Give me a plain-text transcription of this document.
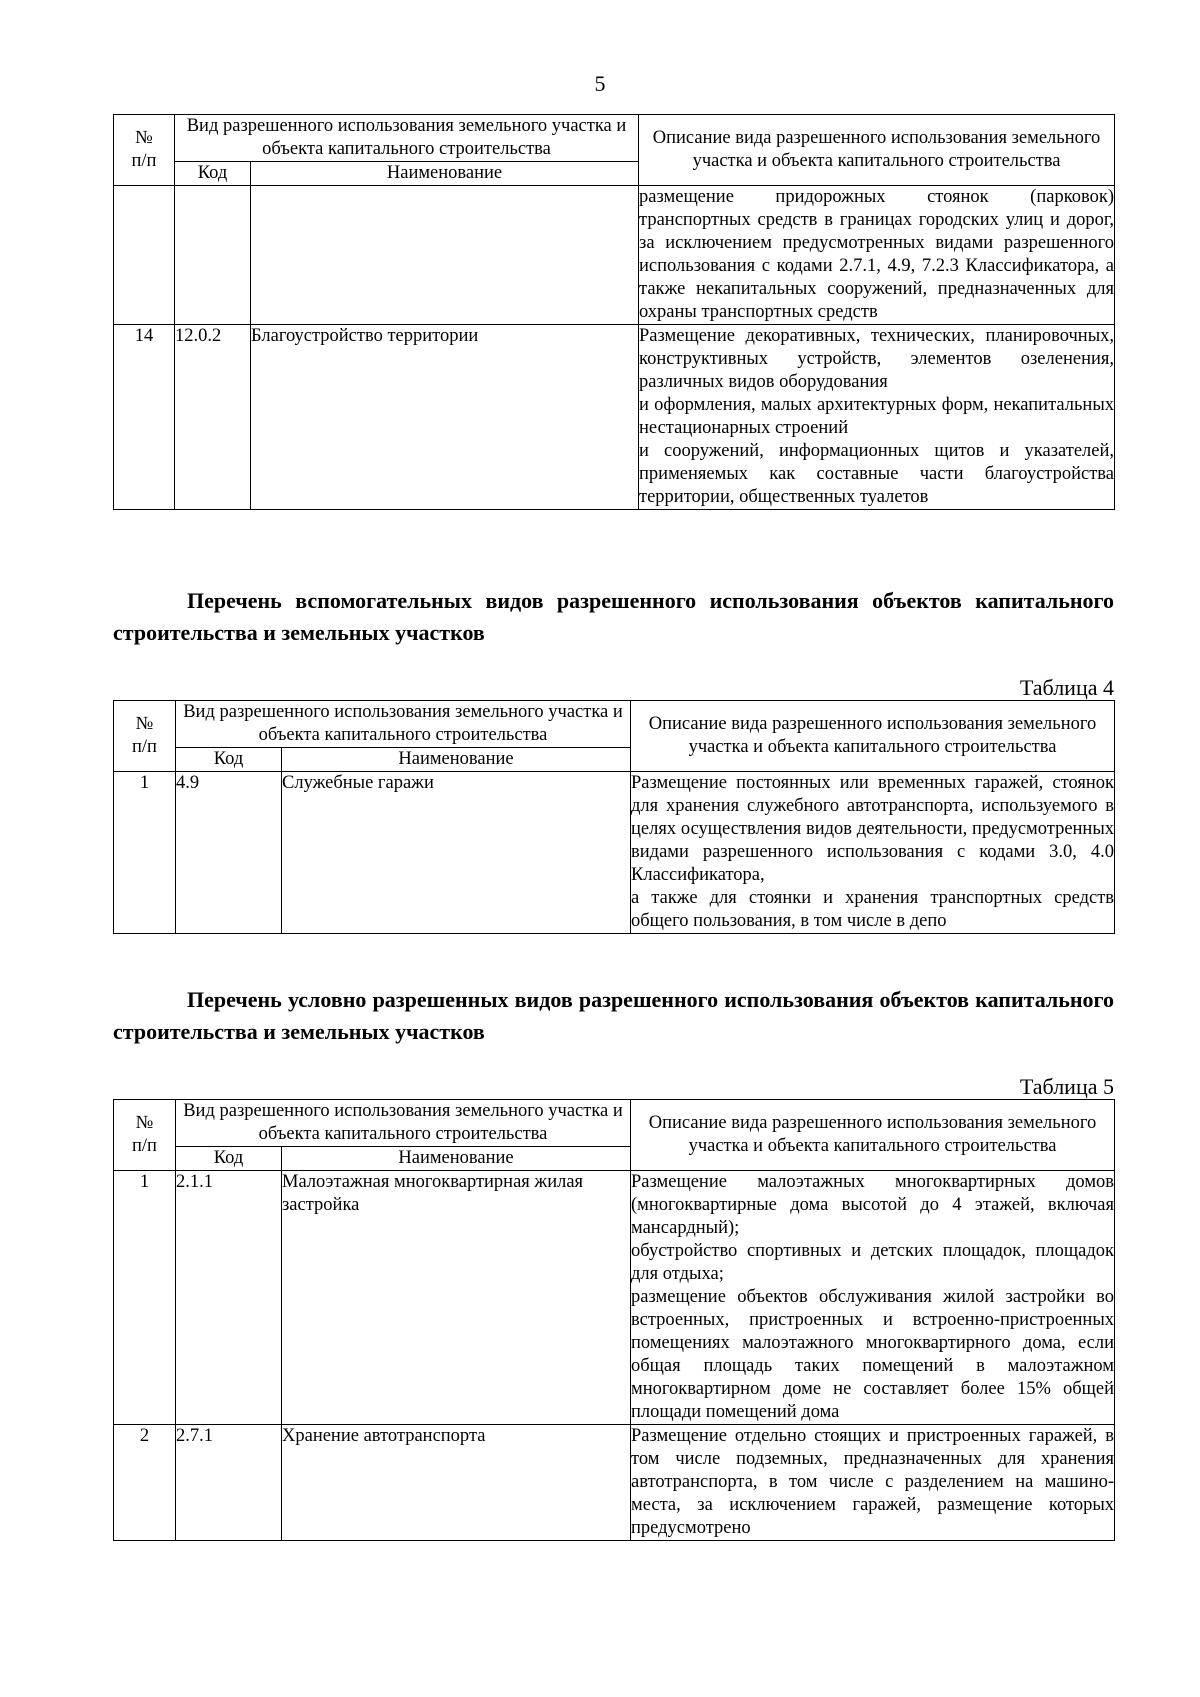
5
№
п/п	Вид разрешенного использования земельного участка и объекта капитального строительства		Описание вида разрешенного использования земельного участка и объекта капитального строительства
	Код	Наименование	
			размещение придорожных стоянок (парковок) транспортных средств в границах городских улиц и дорог, за исключением предусмотренных видами разрешенного использования с кодами 2.7.1, 4.9, 7.2.3 Классификатора, а также некапитальных сооружений, предназначенных для охраны транспортных средств
14	12.0.2	Благоустройство территории	Размещение декоративных, технических, планировочных, конструктивных устройств, элементов озеленения, различных видов оборудования
и оформления, малых архитектурных форм, некапитальных нестационарных строений
и сооружений, информационных щитов и указателей, применяемых как составные части благоустройства территории, общественных туалетов
Перечень вспомогательных видов разрешенного использования объектов капитального строительства и земельных участков
Таблица 4
№
п/п	Вид разрешенного использования земельного участка и объекта капитального строительства		Описание вида разрешенного использования земельного участка и объекта капитального строительства
	Код	Наименование	
1	4.9	Служебные гаражи	Размещение постоянных или временных гаражей, стоянок для хранения служебного автотранспорта, используемого в целях осуществления видов деятельности, предусмотренных видами разрешенного использования с кодами 3.0, 4.0 Классификатора,
а также для стоянки и хранения транспортных средств общего пользования, в том числе в депо
Перечень условно разрешенных видов разрешенного использования объектов капитального строительства и земельных участков
Таблица 5
№
п/п	Вид разрешенного использования земельного участка и объекта капитального строительства		Описание вида разрешенного использования земельного участка и объекта капитального строительства
	Код	Наименование	
1	2.1.1	Малоэтажная многоквартирная жилая застройка	Размещение малоэтажных многоквартирных домов (многоквартирные дома высотой до 4 этажей, включая мансардный);
обустройство спортивных и детских площадок, площадок для отдыха;
размещение объектов обслуживания жилой застройки во встроенных, пристроенных и встроенно-пристроенных помещениях малоэтажного многоквартирного дома, если общая площадь таких помещений в малоэтажном многоквартирном доме не составляет более 15% общей площади помещений дома
2	2.7.1	Хранение автотранспорта	Размещение отдельно стоящих и пристроенных гаражей, в том числе подземных, предназначенных для хранения автотранспорта, в том числе с разделением на машино-места, за исключением гаражей, размещение которых предусмотрено
